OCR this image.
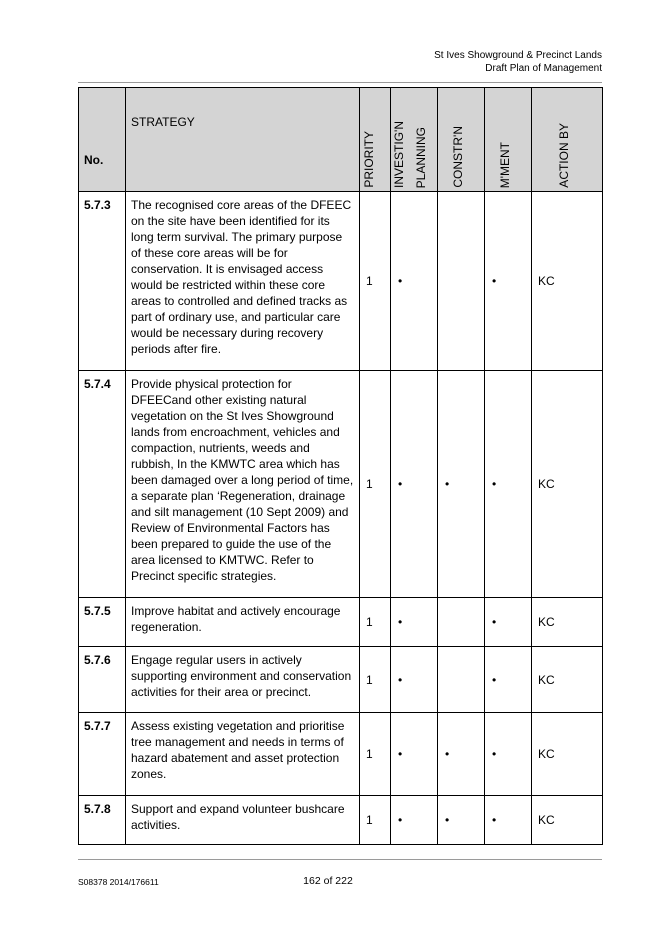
St Ives Showground & Precinct Lands
Draft Plan of Management
No.	STRATEGY	PRIORITY	INVESTIG'N PLANNING	CONSTR'N	M'MENT	ACTION BY

5.7.3	The recognised core areas of the DFEEC on the site have been identified for its long term survival. The primary purpose of these core areas will be for conservation. It is envisaged access would be restricted within these core areas to controlled and defined tracks as part of ordinary use, and particular care would be necessary during recovery periods after fire.	1	•		•	KC
5.7.4	Provide physical protection for DFEECand other existing natural vegetation on the St Ives Showground lands from encroachment, vehicles and compaction, nutrients, weeds and rubbish, In the KMWTC area which has been damaged over a long period of time, a separate plan ‘Regeneration, drainage and silt management (10 Sept 2009) and Review of Environmental Factors has been prepared to guide the use of the area licensed to KMTWC. Refer to Precinct specific strategies.	1	•	•	•	KC
5.7.5	Improve habitat and actively encourage regeneration.	1	•		•	KC
5.7.6	Engage regular users in actively supporting environment and conservation activities for their area or precinct.	1	•		•	KC
5.7.7	Assess existing vegetation and prioritise tree management and needs in terms of hazard abatement and asset protection zones.	1	•	•	•	KC
5.7.8	Support and expand volunteer bushcare activities.	1	•	•	•	KC
S08378 2014/176611	162 of 222
